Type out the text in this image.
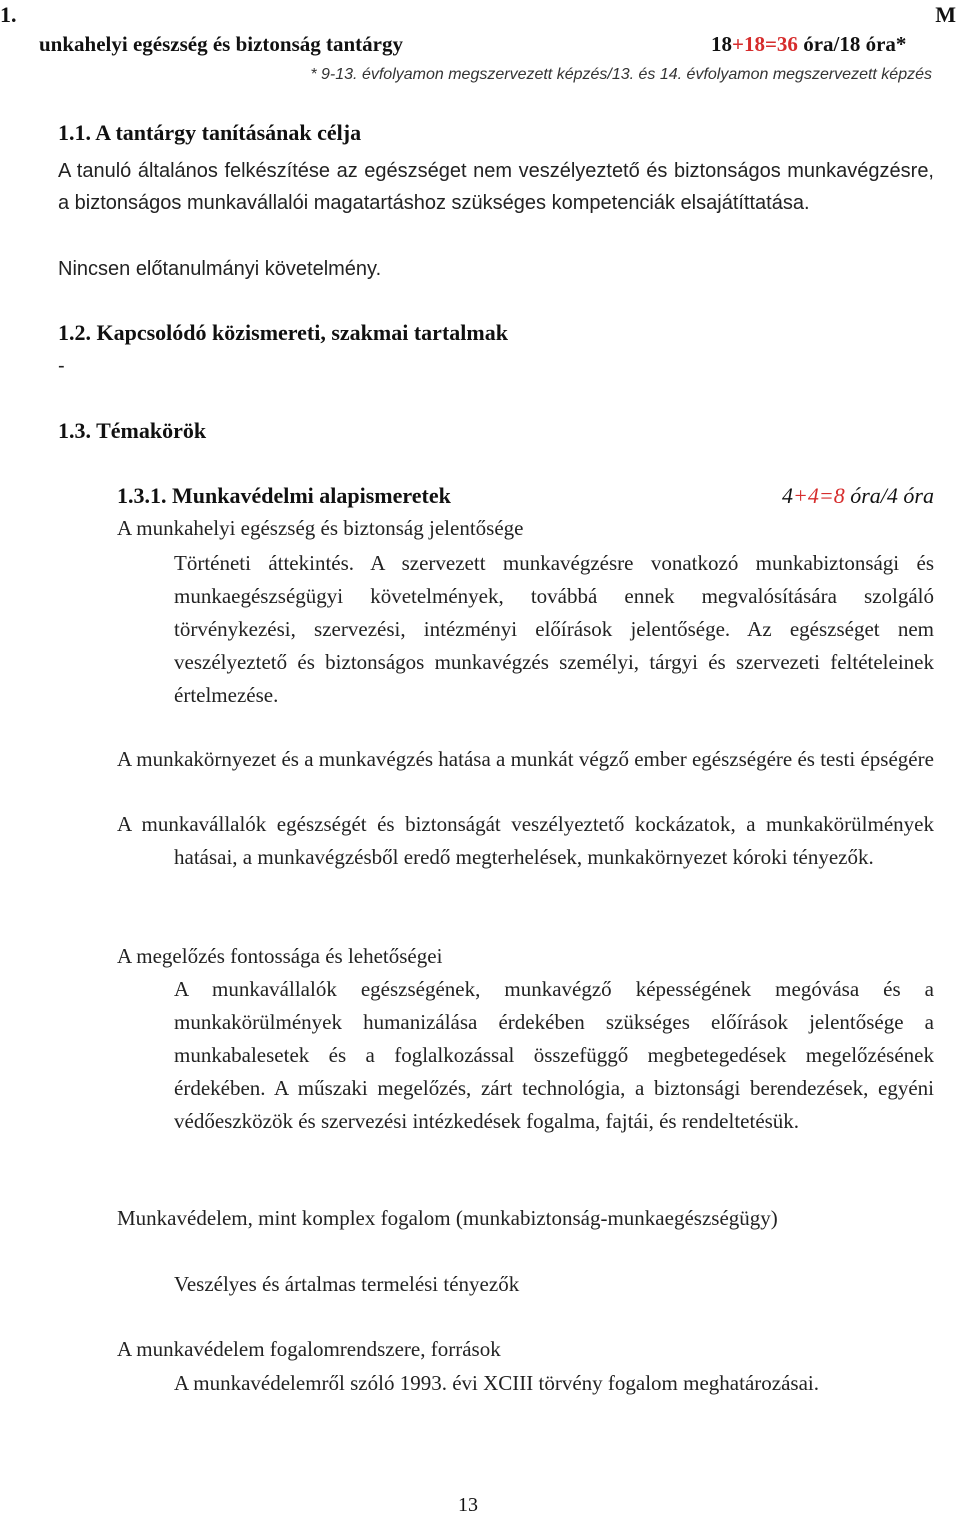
1.	M
unkahelyi egészség és biztonság tantárgy	18+18=36 óra/18 óra*
* 9-13. évfolyamon megszervezett képzés/13. és 14. évfolyamon megszervezett képzés
1.1. A tantárgy tanításának célja
A tanuló általános felkészítése az egészséget nem veszélyeztető és biztonságos munkavégzésre, a biztonságos munkavállalói magatartáshoz szükséges kompetenciák elsajátíttatása.
Nincsen előtanulmányi követelmény.
1.2. Kapcsolódó közismereti, szakmai tartalmak
-
1.3. Témakörök
1.3.1. Munkavédelmi alapismeretek	4+4=8 óra/4 óra
A munkahelyi egészség és biztonság jelentősége
Történeti áttekintés. A szervezett munkavégzésre vonatkozó munkabiztonsági és munkaegészségügyi követelmények, továbbá ennek megvalósítására szolgáló törvénykezési, szervezési, intézményi előírások jelentősége. Az egészséget nem veszélyeztető és biztonságos munkavégzés személyi, tárgyi és szervezeti feltételeinek értelmezése.
A munkakörnyezet és a munkavégzés hatása a munkát végző ember egészségére és testi épségére
A munkavállalók egészségét és biztonságát veszélyeztető kockázatok, a munkakörülmények hatásai, a munkavégzésből eredő megterhelések, munkakörnyezet kóroki tényezők.
A megelőzés fontossága és lehetőségei
A munkavállalók egészségének, munkavégző képességének megóvása és a munkakörülmények humanizálása érdekében szükséges előírások jelentősége a munkabalesetek és a foglalkozással összefüggő megbetegedések megelőzésének érdekében. A műszaki megelőzés, zárt technológia, a biztonsági berendezések, egyéni védőeszközök és szervezési intézkedések fogalma, fajtái, és rendeltetésük.
Munkavédelem, mint komplex fogalom (munkabiztonság-munkaegészségügy)
Veszélyes és ártalmas termelési tényezők
A munkavédelem fogalomrendszere, források
A munkavédelemről szóló 1993. évi XCIII törvény fogalom meghatározásai.
13
